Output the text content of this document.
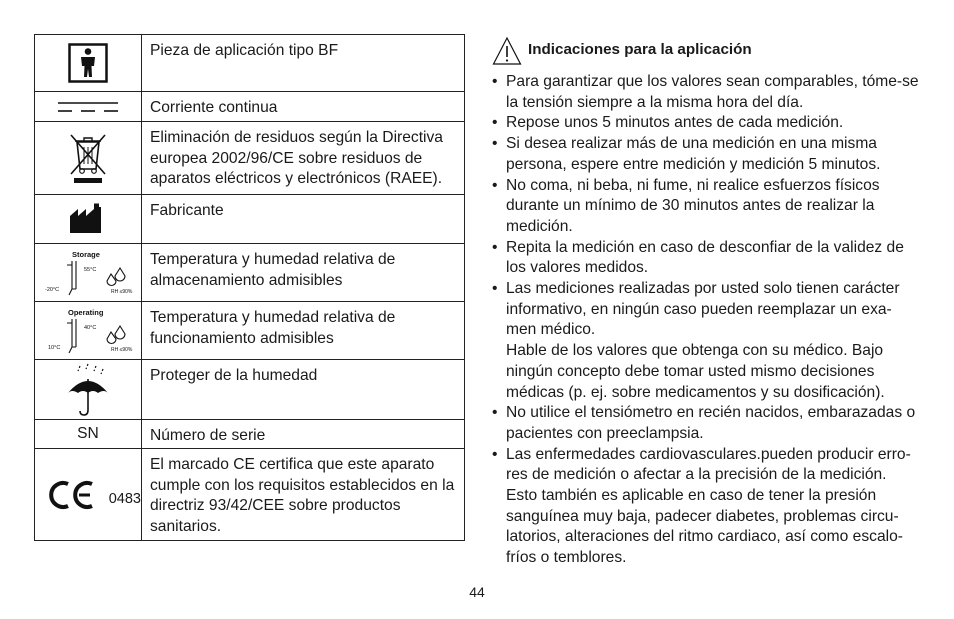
	Pieza de aplicación tipo BF

	Corriente continua

	Eliminación de residuos según la Directiva europea 2002/96/CE sobre residuos de aparatos eléctricos y electrónicos (RAEE).

	Fabricante

Storage
55°C
-20°C RH ≤90%	Temperatura y humedad relativa de almacenamiento admisibles

Operating
40°C
10°C RH ≤90%	Temperatura y humedad relativa de funcionamiento admisibles

	Proteger de la humedad
SN	Número de serie

0483	El marcado CE certifica que este aparato cumple con los requisitos establecidos en la directriz 93/42/CEE sobre productos sanitarios.
Indicaciones para la aplicación
• Para garantizar que los valores sean comparables, tóme-se la tensión siempre a la misma hora del día.
• Repose unos 5 minutos antes de cada medición.
• Si desea realizar más de una medición en una misma persona, espere entre medición y medición 5 minutos.
• No coma, ni beba, ni fume, ni realice esfuerzos físicos durante un mínimo de 30 minutos antes de realizar la medición.
• Repita la medición en caso de desconfiar de la validez de los valores medidos.
• Las mediciones realizadas por usted solo tienen carácter informativo, en ningún caso pueden reemplazar un exa-men médico.
Hable de los valores que obtenga con su médico. Bajo ningún concepto debe tomar usted mismo decisiones médicas (p. ej. sobre medicamentos y su dosificación).
• No utilice el tensiómetro en recién nacidos, embarazadas o pacientes con preeclampsia.
• Las enfermedades cardiovasculares.pueden producir erro-res de medición o afectar a la precisión de la medición. Esto también es aplicable en caso de tener la presión sanguínea muy baja, padecer diabetes, problemas circu-latorios, alteraciones del ritmo cardiaco, así como escalo-fríos o temblores.
44
